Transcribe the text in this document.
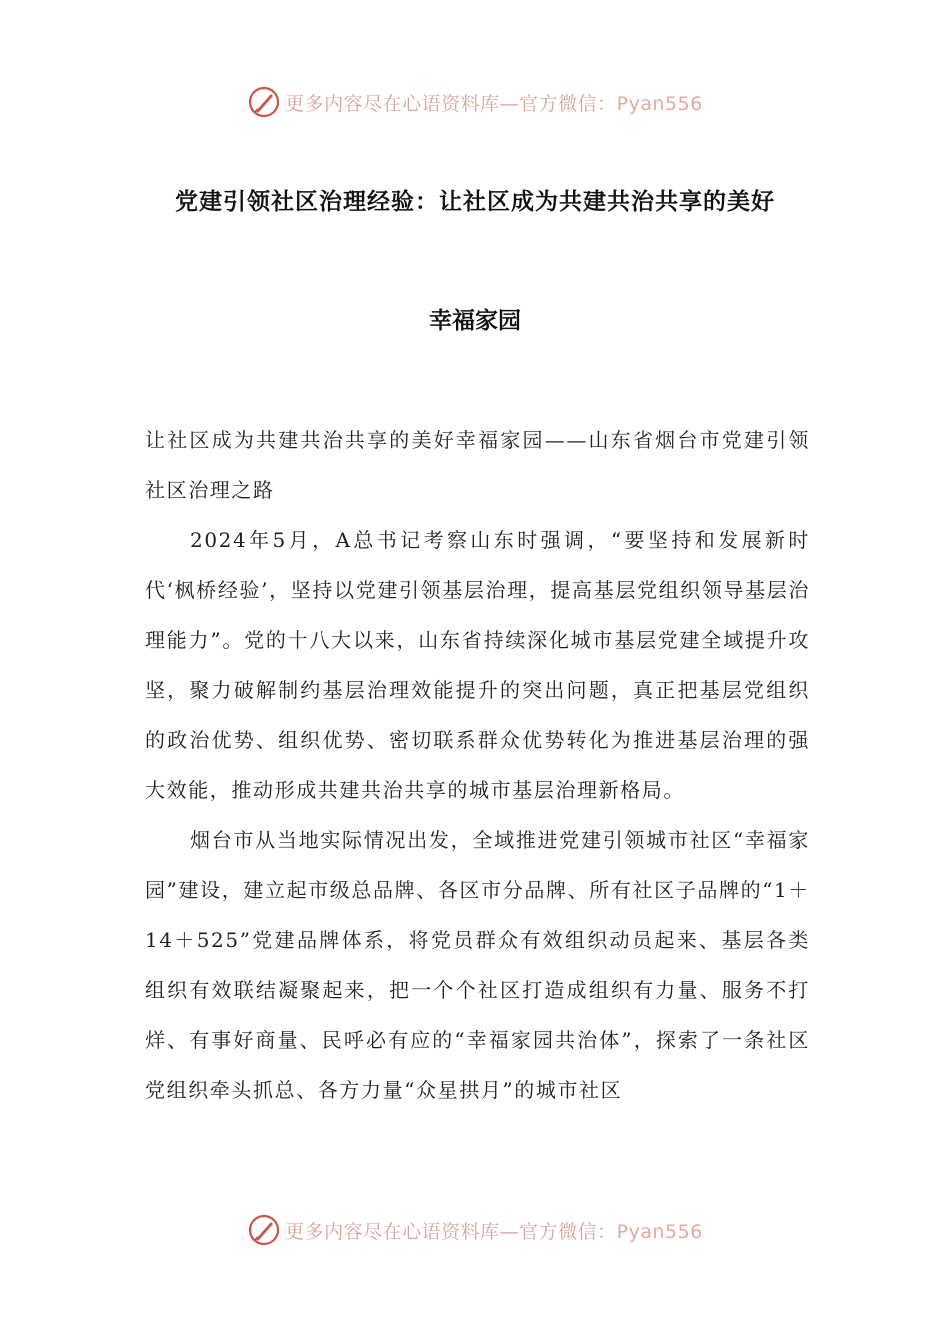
更多内容尽在心语资料库—官方微信：Pyan556
党建引领社区治理经验：让社区成为共建共治共享的美好
幸福家园

让社区成为共建共治共享的美好幸福家园——山东省烟台市党建引领社区治理之路

2024年5月，A总书记考察山东时强调，“要坚持和发展新时代‘枫桥经验’，坚持以党建引领基层治理，提高基层党组织领导基层治理能力”。党的十八大以来，山东省持续深化城市基层党建全域提升攻坚，聚力破解制约基层治理效能提升的突出问题，真正把基层党组织的政治优势、组织优势、密切联系群众优势转化为推进基层治理的强大效能，推动形成共建共治共享的城市基层治理新格局。

烟台市从当地实际情况出发，全域推进党建引领城市社区“幸福家园”建设，建立起市级总品牌、各区市分品牌、所有社区子品牌的“1＋14＋525”党建品牌体系，将党员群众有效组织动员起来、基层各类组织有效联结凝聚起来，把一个个社区打造成组织有力量、服务不打烊、有事好商量、民呼必有应的“幸福家园共治体”，探索了一条社区党组织牵头抓总、各方力量“众星拱月”的城市社区

更多内容尽在心语资料库—官方微信：Pyan556
